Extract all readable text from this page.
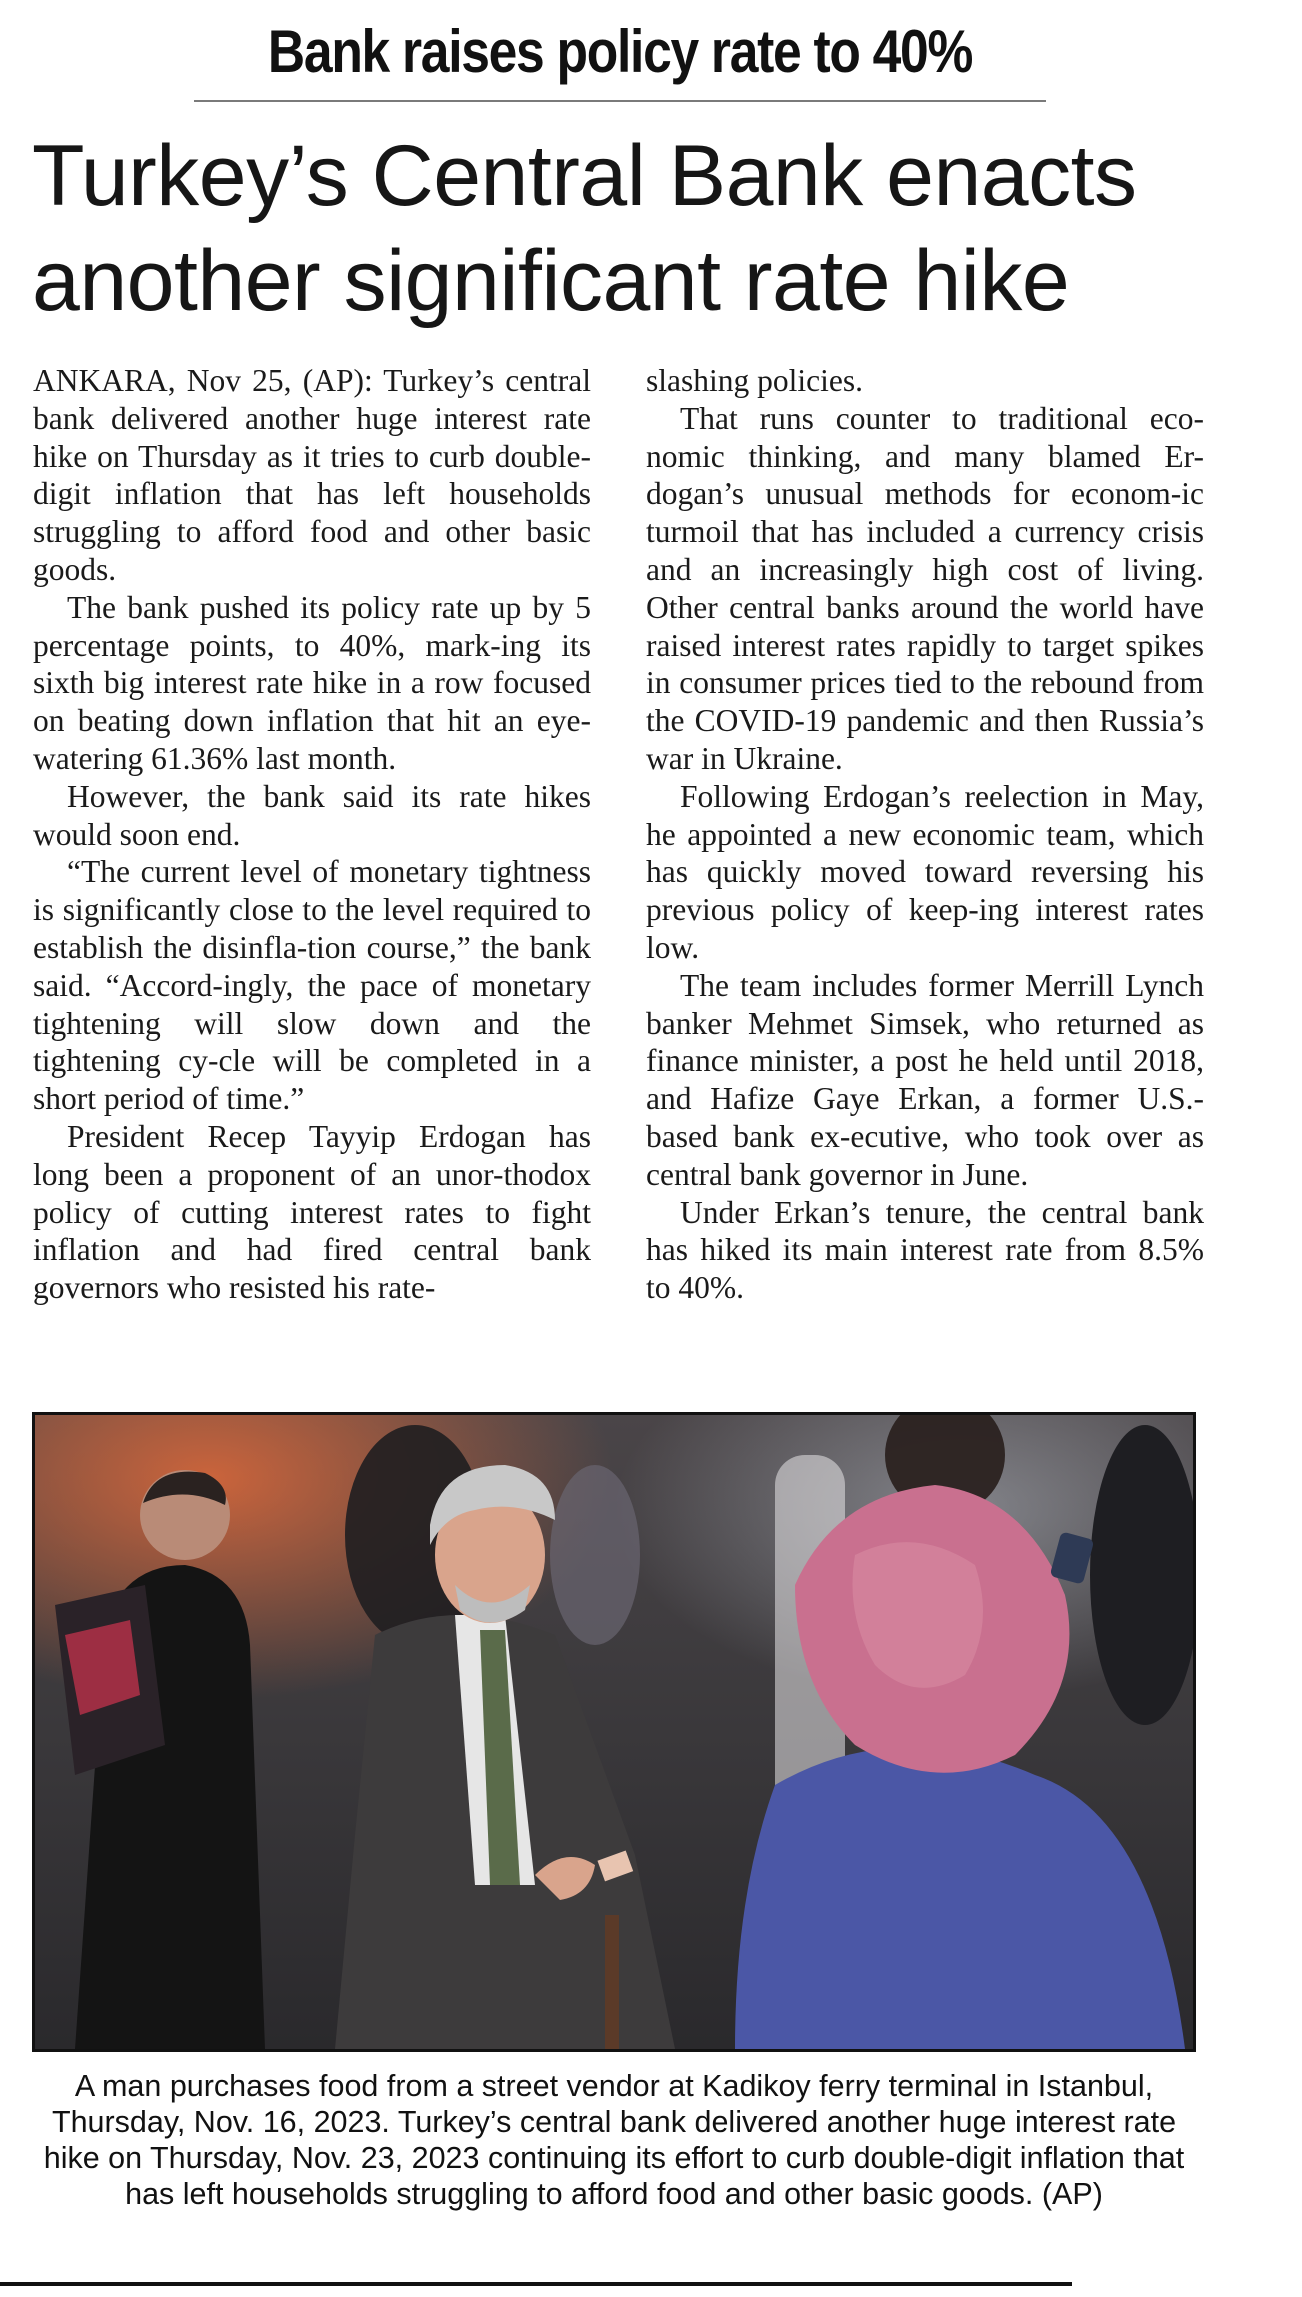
Bank raises policy rate to 40%
Turkey’s Central Bank enacts
another significant rate hike

ANKARA, Nov 25, (AP): Turkey’s central bank delivered another huge interest rate hike on Thursday as it tries to curb double-digit inflation that has left households struggling to afford food and other basic goods.

The bank pushed its policy rate up by 5 percentage points, to 40%, mark-ing its sixth big interest rate hike in a row focused on beating down inflation that hit an eye-watering 61.36% last month.

However, the bank said its rate hikes would soon end.

“The current level of monetary tightness is significantly close to the level required to establish the disinfla-tion course,” the bank said. “Accord-ingly, the pace of monetary tightening will slow down and the tightening cy-cle will be completed in a short period of time.”

President Recep Tayyip Erdogan has long been a proponent of an unor-thodox policy of cutting interest rates to fight inflation and had fired central bank governors who resisted his rate-

slashing policies.

That runs counter to traditional eco-nomic thinking, and many blamed Er-dogan’s unusual methods for econom-ic turmoil that has included a currency crisis and an increasingly high cost of living. Other central banks around the world have raised interest rates rapidly to target spikes in consumer prices tied to the rebound from the COVID-19 pandemic and then Russia’s war in Ukraine.

Following Erdogan’s reelection in May, he appointed a new economic team, which has quickly moved toward reversing his previous policy of keep-ing interest rates low.

The team includes former Merrill Lynch banker Mehmet Simsek, who returned as finance minister, a post he held until 2018, and Hafize Gaye Erkan, a former U.S.-based bank ex-ecutive, who took over as central bank governor in June.

Under Erkan’s tenure, the central bank has hiked its main interest rate from 8.5% to 40%.

A man purchases food from a street vendor at Kadikoy ferry terminal in Istanbul, Thursday, Nov. 16, 2023. Turkey’s central bank delivered another huge interest rate hike on Thursday, Nov. 23, 2023 continuing its effort to curb double-digit inflation that has left households struggling to afford food and other basic goods. (AP)
